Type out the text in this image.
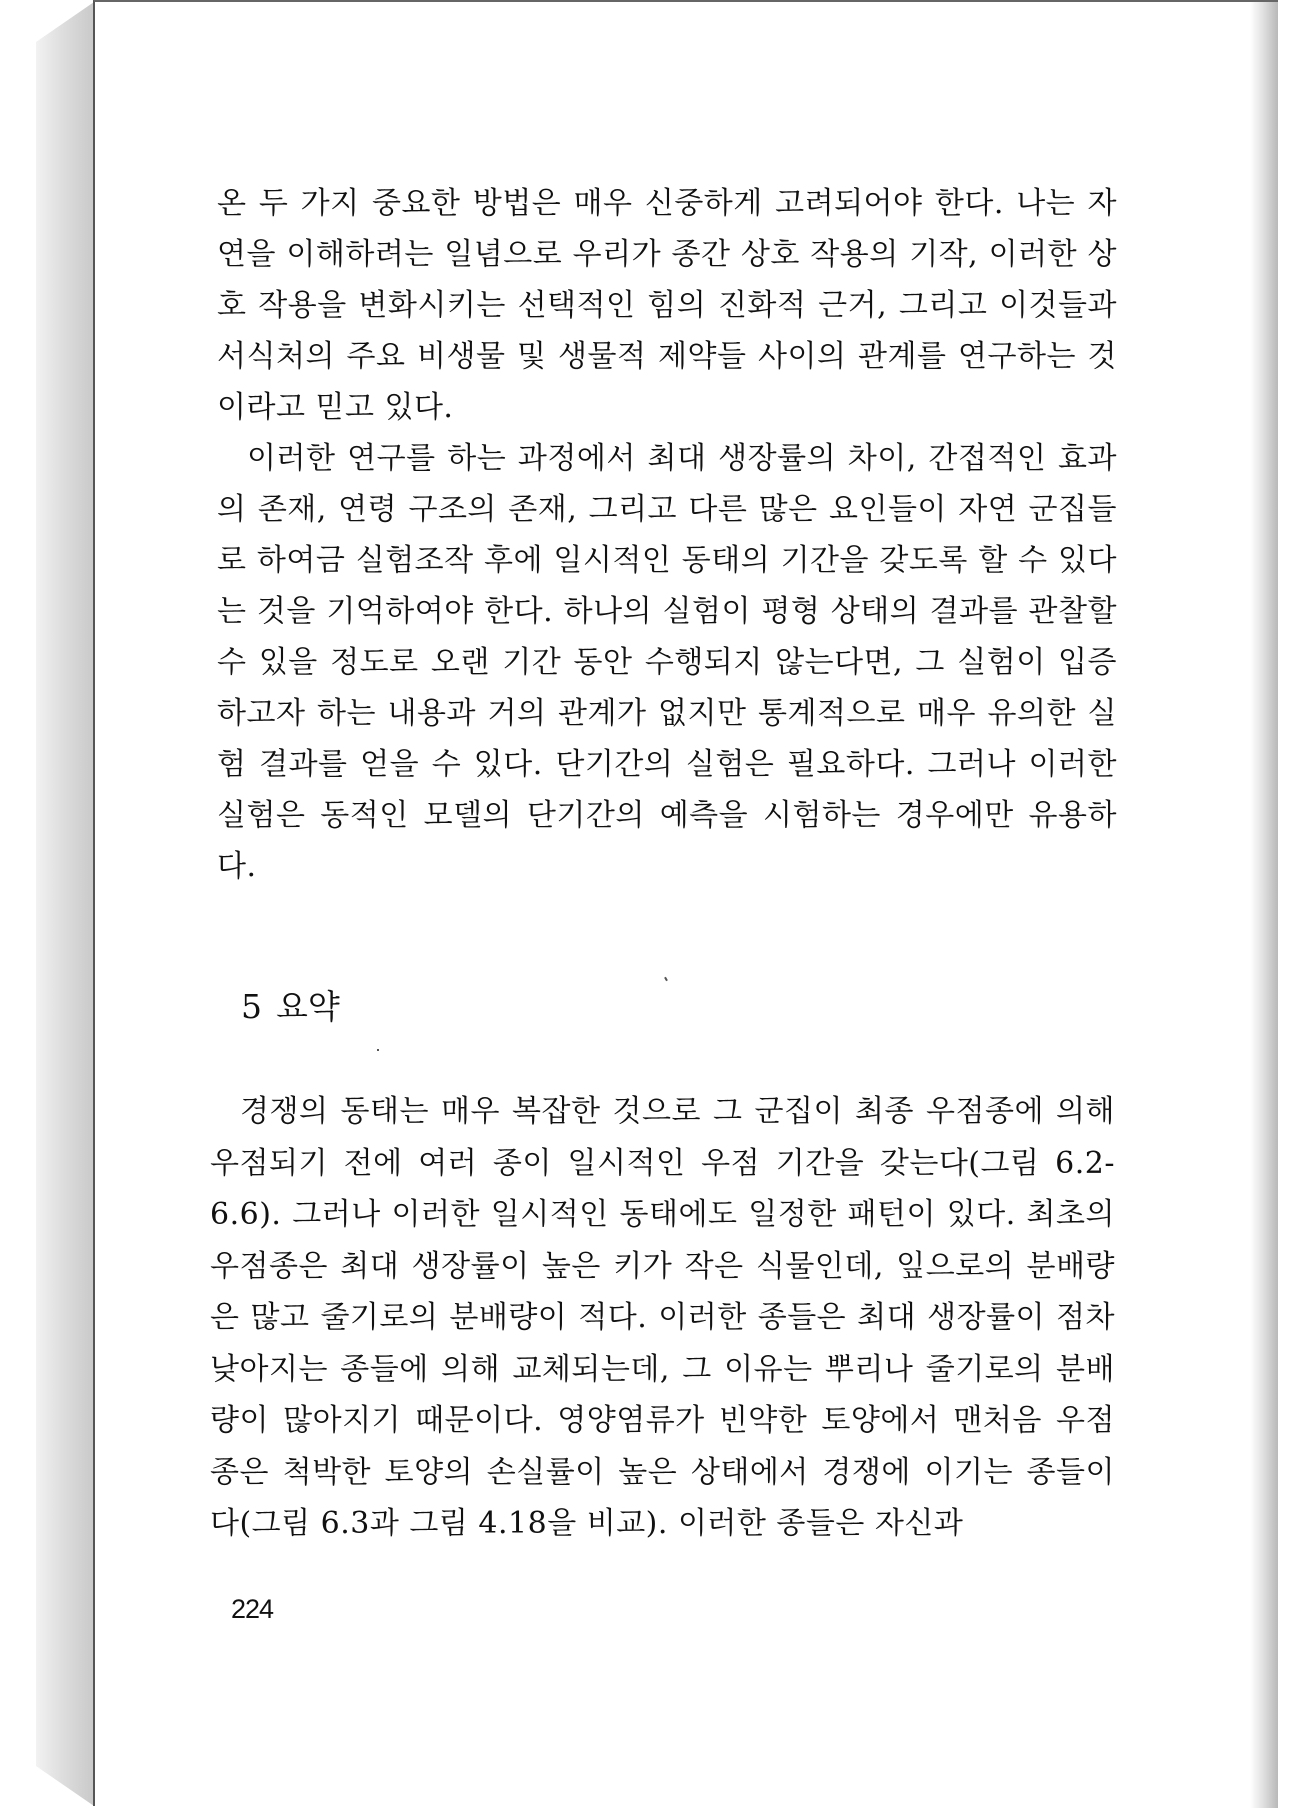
온 두 가지 중요한 방법은 매우 신중하게 고려되어야 한다. 나는 자연을 이해하려는 일념으로 우리가 종간 상호 작용의 기작, 이러한 상호 작용을 변화시키는 선택적인 힘의 진화적 근거, 그리고 이것들과 서식처의 주요 비생물 및 생물적 제약들 사이의 관계를 연구하는 것이라고 믿고 있다.

이러한 연구를 하는 과정에서 최대 생장률의 차이, 간접적인 효과의 존재, 연령 구조의 존재, 그리고 다른 많은 요인들이 자연 군집들로 하여금 실험조작 후에 일시적인 동태의 기간을 갖도록 할 수 있다는 것을 기억하여야 한다. 하나의 실험이 평형 상태의 결과를 관찰할 수 있을 정도로 오랜 기간 동안 수행되지 않는다면, 그 실험이 입증하고자 하는 내용과 거의 관계가 없지만 통계적으로 매우 유의한 실험 결과를 얻을 수 있다. 단기간의 실험은 필요하다. 그러나 이러한 실험은 동적인 모델의 단기간의 예측을 시험하는 경우에만 유용하다.

5 요약

경쟁의 동태는 매우 복잡한 것으로 그 군집이 최종 우점종에 의해 우점되기 전에 여러 종이 일시적인 우점 기간을 갖는다(그림 6.2-6.6). 그러나 이러한 일시적인 동태에도 일정한 패턴이 있다. 최초의 우점종은 최대 생장률이 높은 키가 작은 식물인데, 잎으로의 분배량은 많고 줄기로의 분배량이 적다. 이러한 종들은 최대 생장률이 점차 낮아지는 종들에 의해 교체되는데, 그 이유는 뿌리나 줄기로의 분배량이 많아지기 때문이다. 영양염류가 빈약한 토양에서 맨처음 우점종은 척박한 토양의 손실률이 높은 상태에서 경쟁에 이기는 종들이다(그림 6.3과 그림 4.18을 비교). 이러한 종들은 자신과

224
